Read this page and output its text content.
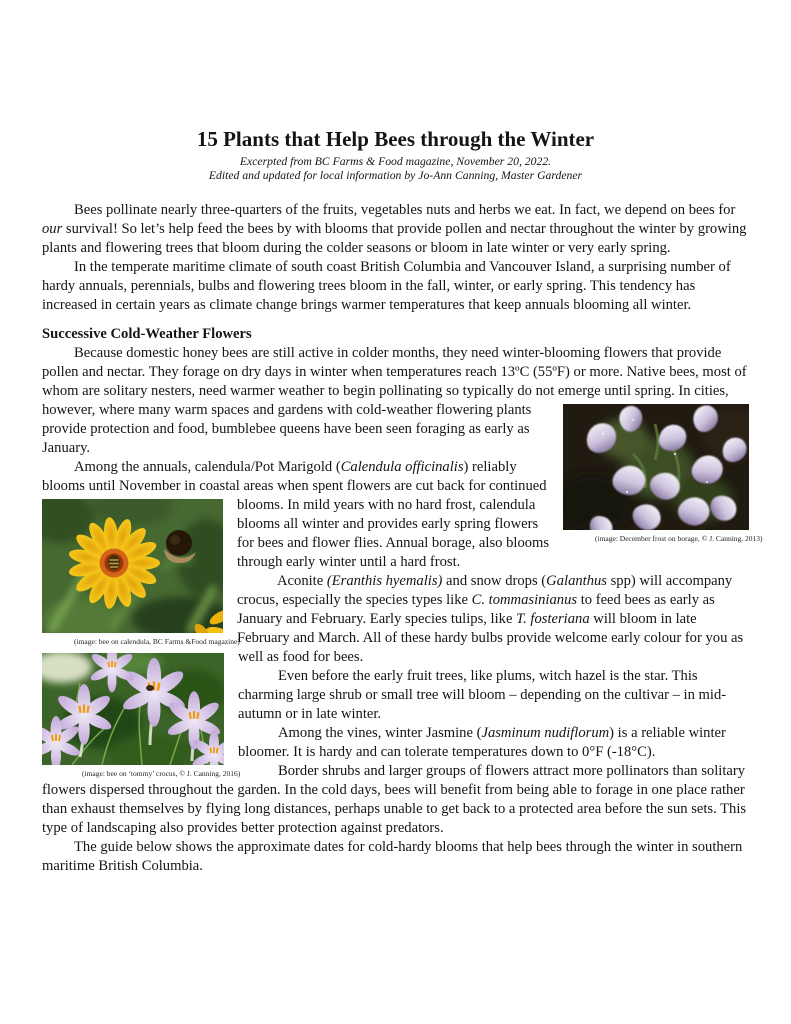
15 Plants that Help Bees through the Winter

Excerpted from BC Farms & Food magazine, November 20, 2022.

Edited and updated for local information by Jo-Ann Canning, Master Gardener

Bees pollinate nearly three-quarters of the fruits, vegetables nuts and herbs we eat. In fact, we depend on bees for our survival! So let’s help feed the bees by with blooms that provide pollen and nectar throughout the winter by growing plants and flowering trees that bloom during the colder seasons or bloom in late winter or very early spring.

In the temperate maritime climate of south coast British Columbia and Vancouver Island, a surprising number of hardy annuals, perennials, bulbs and flowering trees bloom in the fall, winter, or early spring. This tendency has increased in certain years as climate change brings warmer temperatures that keep annuals blooming all winter.

Successive Cold-Weather Flowers

Because domestic honey bees are still active in colder months, they need winter-blooming flowers that provide pollen and nectar. They forage on dry days in winter when temperatures reach 13ºC (55ºF) or more. Native bees, most of whom are solitary nesters, need warmer weather to begin pollinating so typically do not emerge until spring. In cities, however, where many warm spaces and gardens with cold-weather flowering
(image: December frost on borage, © J. Canning, 2013)
plants provide protection and food, bumblebee queens have been seen foraging as early as January.

Among the annuals, calendula/Pot Marigold (Calendula officinalis) reliably blooms until November in coastal areas when spent flowers are cut
(image: bee on calendula, BC Farms &Food magazine)
back for continued blooms. In mild years with no hard frost, calendula blooms all winter and provides early spring flowers for bees and flower flies. Annual borage, also blooms through early winter until a hard frost.

Aconite (Eranthis hyemalis) and snow drops (Galanthus spp) will accompany crocus, especially the species types like C. tommasinianus to feed bees as early as January and February. Early species tulips, like T. fosteriana will bloom in late February and March. All of these hardy bulbs provide welcome
(image: bee on ‘tommy’ crocus, © J. Canning, 2016)
early colour for you as well as food for bees.

Even before the early fruit trees, like plums, witch hazel is the star. This charming large shrub or small tree will bloom – depending on the cultivar – in mid-autumn or in late winter.

Among the vines, winter Jasmine (Jasminum nudiflorum) is a reliable winter bloomer. It is hardy and can tolerate temperatures down to 0°F (-18°C).

Border shrubs and larger groups of flowers attract more pollinators than solitary flowers dispersed throughout the garden. In the cold days, bees will benefit from being able to forage in one place rather than exhaust themselves by flying long distances, perhaps unable to get back to a protected area before the sun sets. This type of landscaping also provides better protection against predators.

The guide below shows the approximate dates for cold-hardy blooms that help bees through the winter in southern maritime British Columbia.
